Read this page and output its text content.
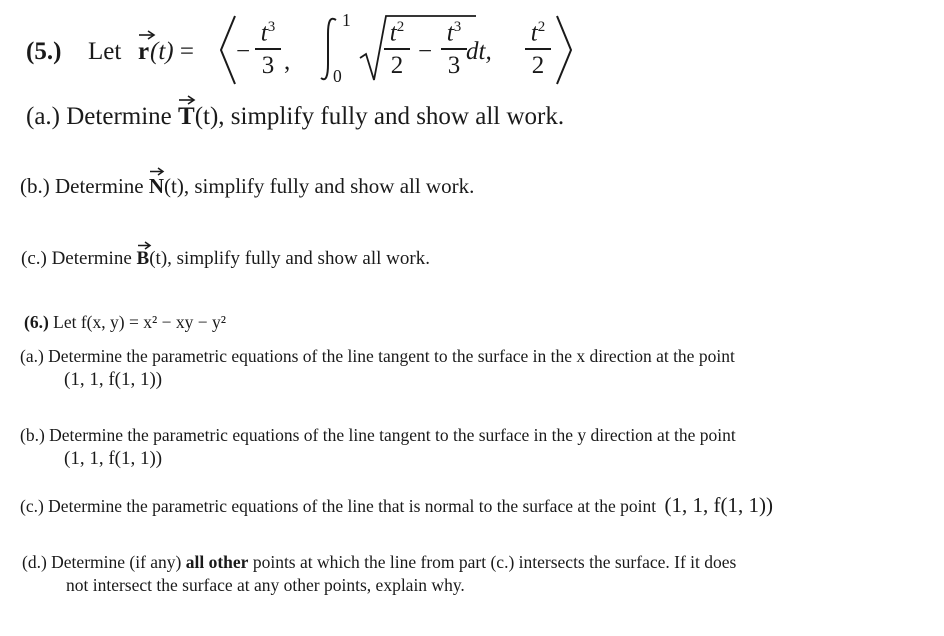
(5.) Let r (t) = −
$t^3$
3 ,
1
0
$t^2$
2
−
$t^3$
3
dt,
$t^2$
2
(a.) Determine T
(t), simplify fully and show all work.
(b.) Determine N
(t), simplify fully and show all work.
(c.) Determine B
(t), simplify fully and show all work.
(6.) Let f(x, y) = x² − xy − y²
(a.) Determine the parametric equations of the line tangent to the surface in the x direction at the point
(1, 1, f(1, 1))
(b.) Determine the parametric equations of the line tangent to the surface in the y direction at the point
(1, 1, f(1, 1))
(c.) Determine the parametric equations of the line that is normal to the surface at the point (1, 1, f(1, 1))
(d.) Determine (if any) all other points at which the line from part (c.) intersects the surface. If it does
not intersect the surface at any other points, explain why.
